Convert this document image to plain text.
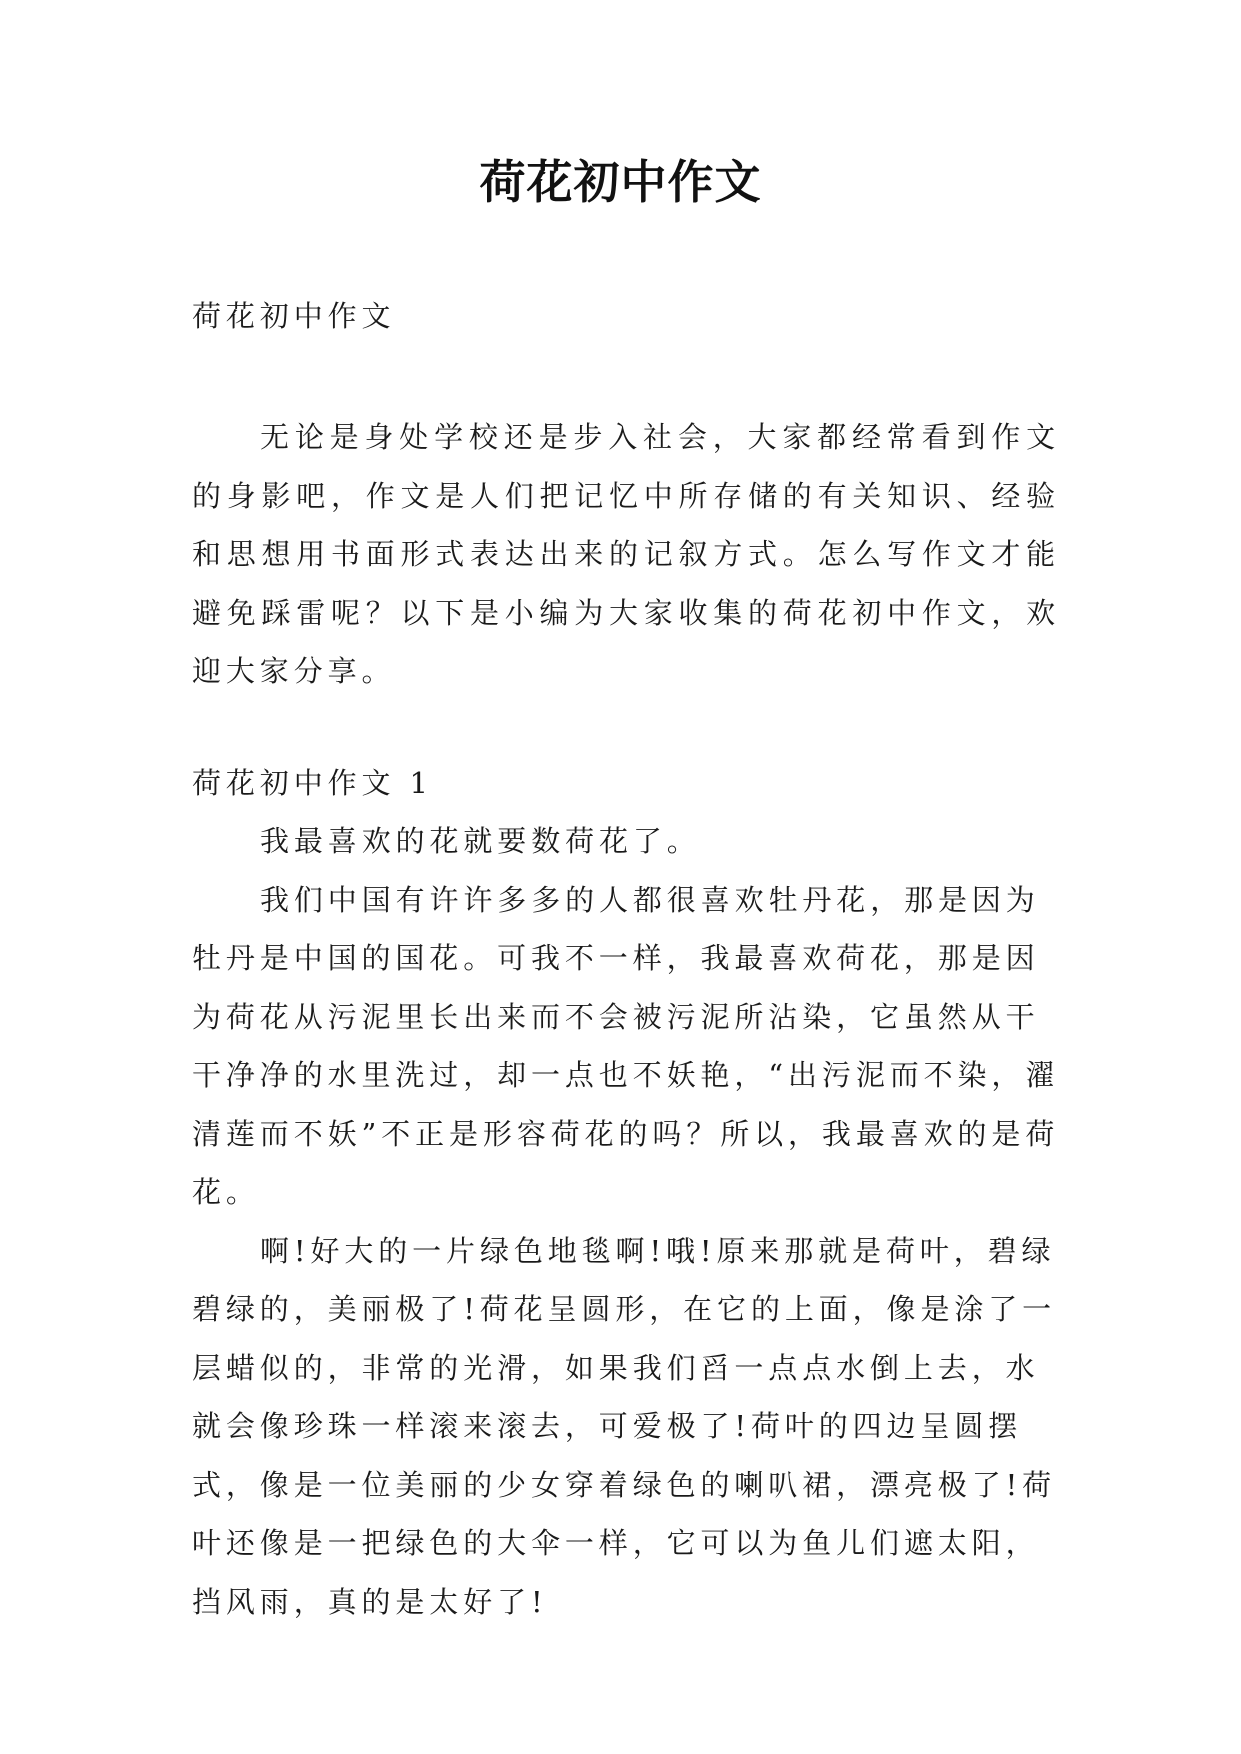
荷花初中作文
荷花初中作文

无论是身处学校还是步入社会，大家都经常看到作文的身影吧，作文是人们把记忆中所存储的有关知识、经验和思想用书面形式表达出来的记叙方式。怎么写作文才能避免踩雷呢？以下是小编为大家收集的荷花初中作文，欢迎大家分享。

荷花初中作文 1

我最喜欢的花就要数荷花了。

我们中国有许许多多的人都很喜欢牡丹花，那是因为牡丹是中国的国花。可我不一样，我最喜欢荷花，那是因为荷花从污泥里长出来而不会被污泥所沾染，它虽然从干干净净的水里洗过，却一点也不妖艳，“出污泥而不染，濯清莲而不妖”不正是形容荷花的吗？所以，我最喜欢的是荷花。

啊!好大的一片绿色地毯啊!哦!原来那就是荷叶，碧绿碧绿的，美丽极了!荷花呈圆形，在它的上面，像是涂了一层蜡似的，非常的光滑，如果我们舀一点点水倒上去，水就会像珍珠一样滚来滚去，可爱极了!荷叶的四边呈圆摆式，像是一位美丽的少女穿着绿色的喇叭裙，漂亮极了!荷叶还像是一把绿色的大伞一样，它可以为鱼儿们遮太阳，挡风雨，真的是太好了!
